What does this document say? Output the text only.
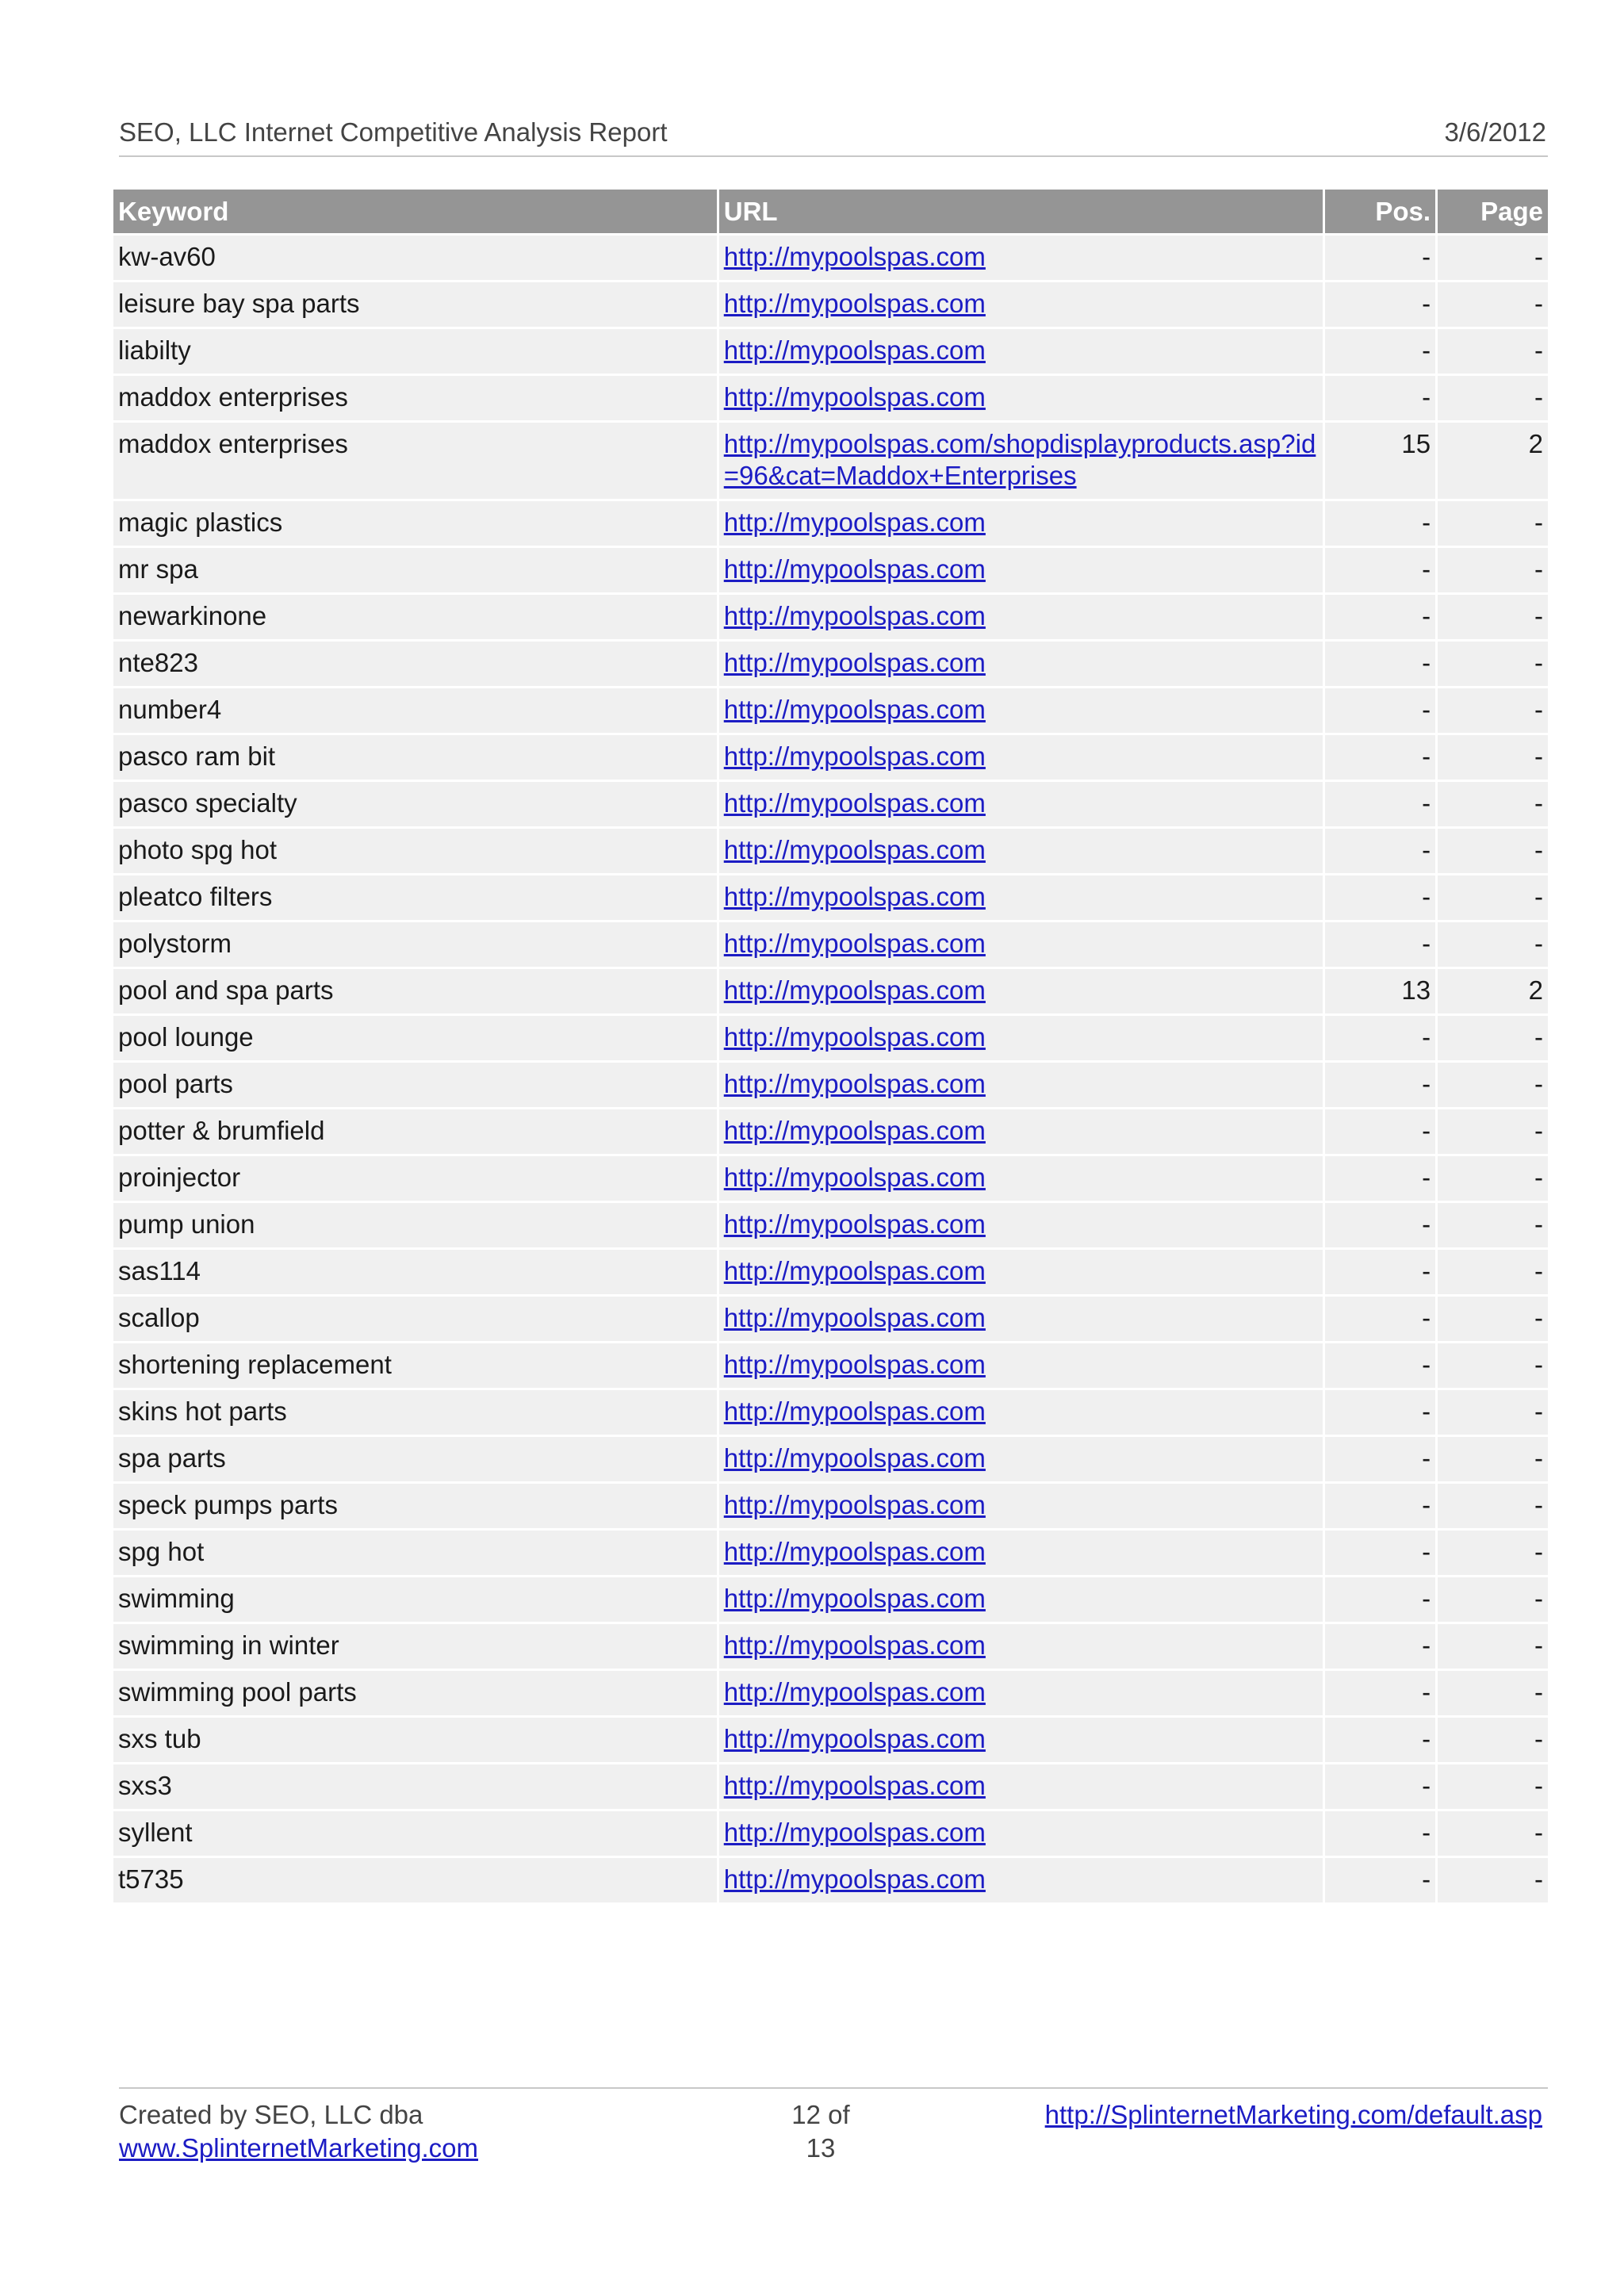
SEO, LLC Internet Competitive Analysis Report	3/6/2012
Keyword	URL	Pos.	Page
kw-av60	http://mypoolspas.com	-	-
leisure bay spa parts	http://mypoolspas.com	-	-
liabilty	http://mypoolspas.com	-	-
maddox enterprises	http://mypoolspas.com	-	-
maddox enterprises	http://mypoolspas.com/shopdisplayproducts.asp?id=96&cat=Maddox+Enterprises	15	2
magic plastics	http://mypoolspas.com	-	-
mr spa	http://mypoolspas.com	-	-
newarkinone	http://mypoolspas.com	-	-
nte823	http://mypoolspas.com	-	-
number4	http://mypoolspas.com	-	-
pasco ram bit	http://mypoolspas.com	-	-
pasco specialty	http://mypoolspas.com	-	-
photo spg hot	http://mypoolspas.com	-	-
pleatco filters	http://mypoolspas.com	-	-
polystorm	http://mypoolspas.com	-	-
pool and spa parts	http://mypoolspas.com	13	2
pool lounge	http://mypoolspas.com	-	-
pool parts	http://mypoolspas.com	-	-
potter & brumfield	http://mypoolspas.com	-	-
proinjector	http://mypoolspas.com	-	-
pump union	http://mypoolspas.com	-	-
sas114	http://mypoolspas.com	-	-
scallop	http://mypoolspas.com	-	-
shortening replacement	http://mypoolspas.com	-	-
skins hot parts	http://mypoolspas.com	-	-
spa parts	http://mypoolspas.com	-	-
speck pumps parts	http://mypoolspas.com	-	-
spg hot	http://mypoolspas.com	-	-
swimming	http://mypoolspas.com	-	-
swimming in winter	http://mypoolspas.com	-	-
swimming pool parts	http://mypoolspas.com	-	-
sxs tub	http://mypoolspas.com	-	-
sxs3	http://mypoolspas.com	-	-
syllent	http://mypoolspas.com	-	-
t5735	http://mypoolspas.com	-	-
Created by SEO, LLC dba
www.SplinternetMarketing.com
12 of
13
http://SplinternetMarketing.com/default.asp
